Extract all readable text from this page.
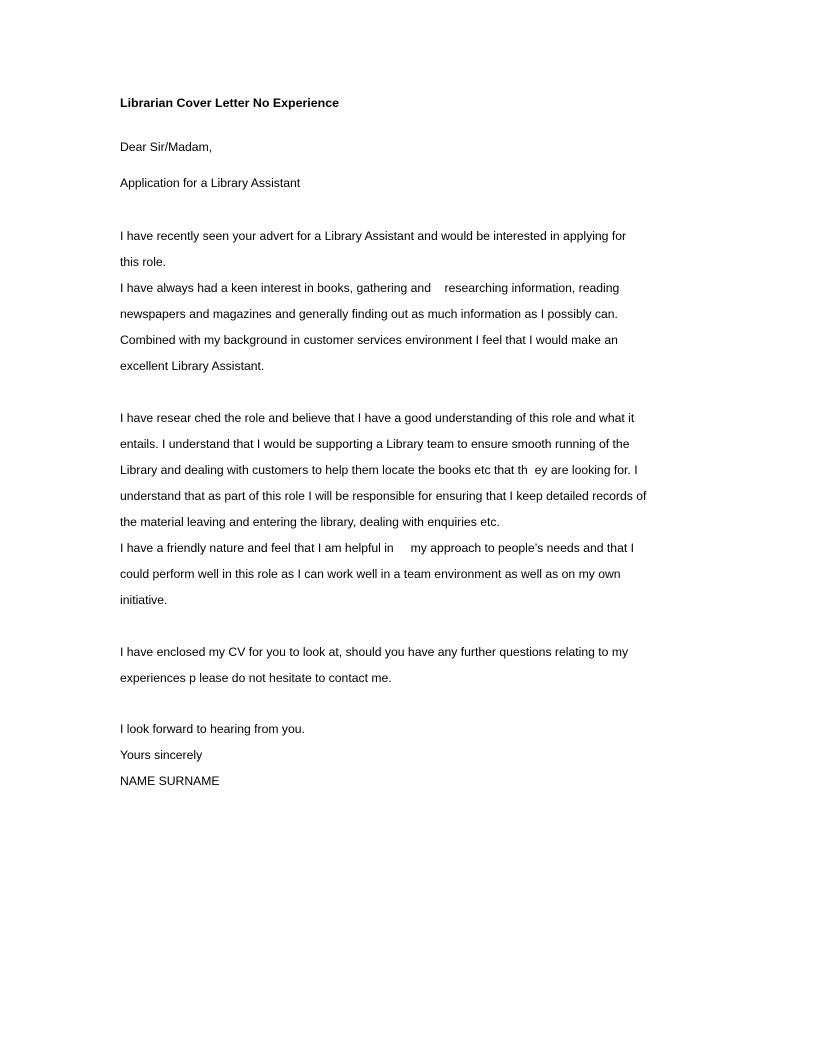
Librarian Cover Letter No Experience
Dear Sir/Madam,
Application for a Library Assistant
I have recently seen your advert for a Library Assistant and would be interested in applying for
this role.
I have always had a keen interest in books, gathering and    researching information, reading
newspapers and magazines and generally finding out as much information as I possibly can.
Combined with my background in customer services environment I feel that I would make an
excellent Library Assistant.
I have resear ched the role and believe that I have a good understanding of this role and what it
entails. I understand that I would be supporting a Library team to ensure smooth running of the
Library and dealing with customers to help them locate the books etc that th  ey are looking for. I
understand that as part of this role I will be responsible for ensuring that I keep detailed records of
the material leaving and entering the library, dealing with enquiries etc.
I have a friendly nature and feel that I am helpful in     my approach to people’s needs and that I
could perform well in this role as I can work well in a team environment as well as on my own
initiative.
I have enclosed my CV for you to look at, should you have any further questions relating to my
experiences p lease do not hesitate to contact me.
I look forward to hearing from you.
Yours sincerely
NAME SURNAME
